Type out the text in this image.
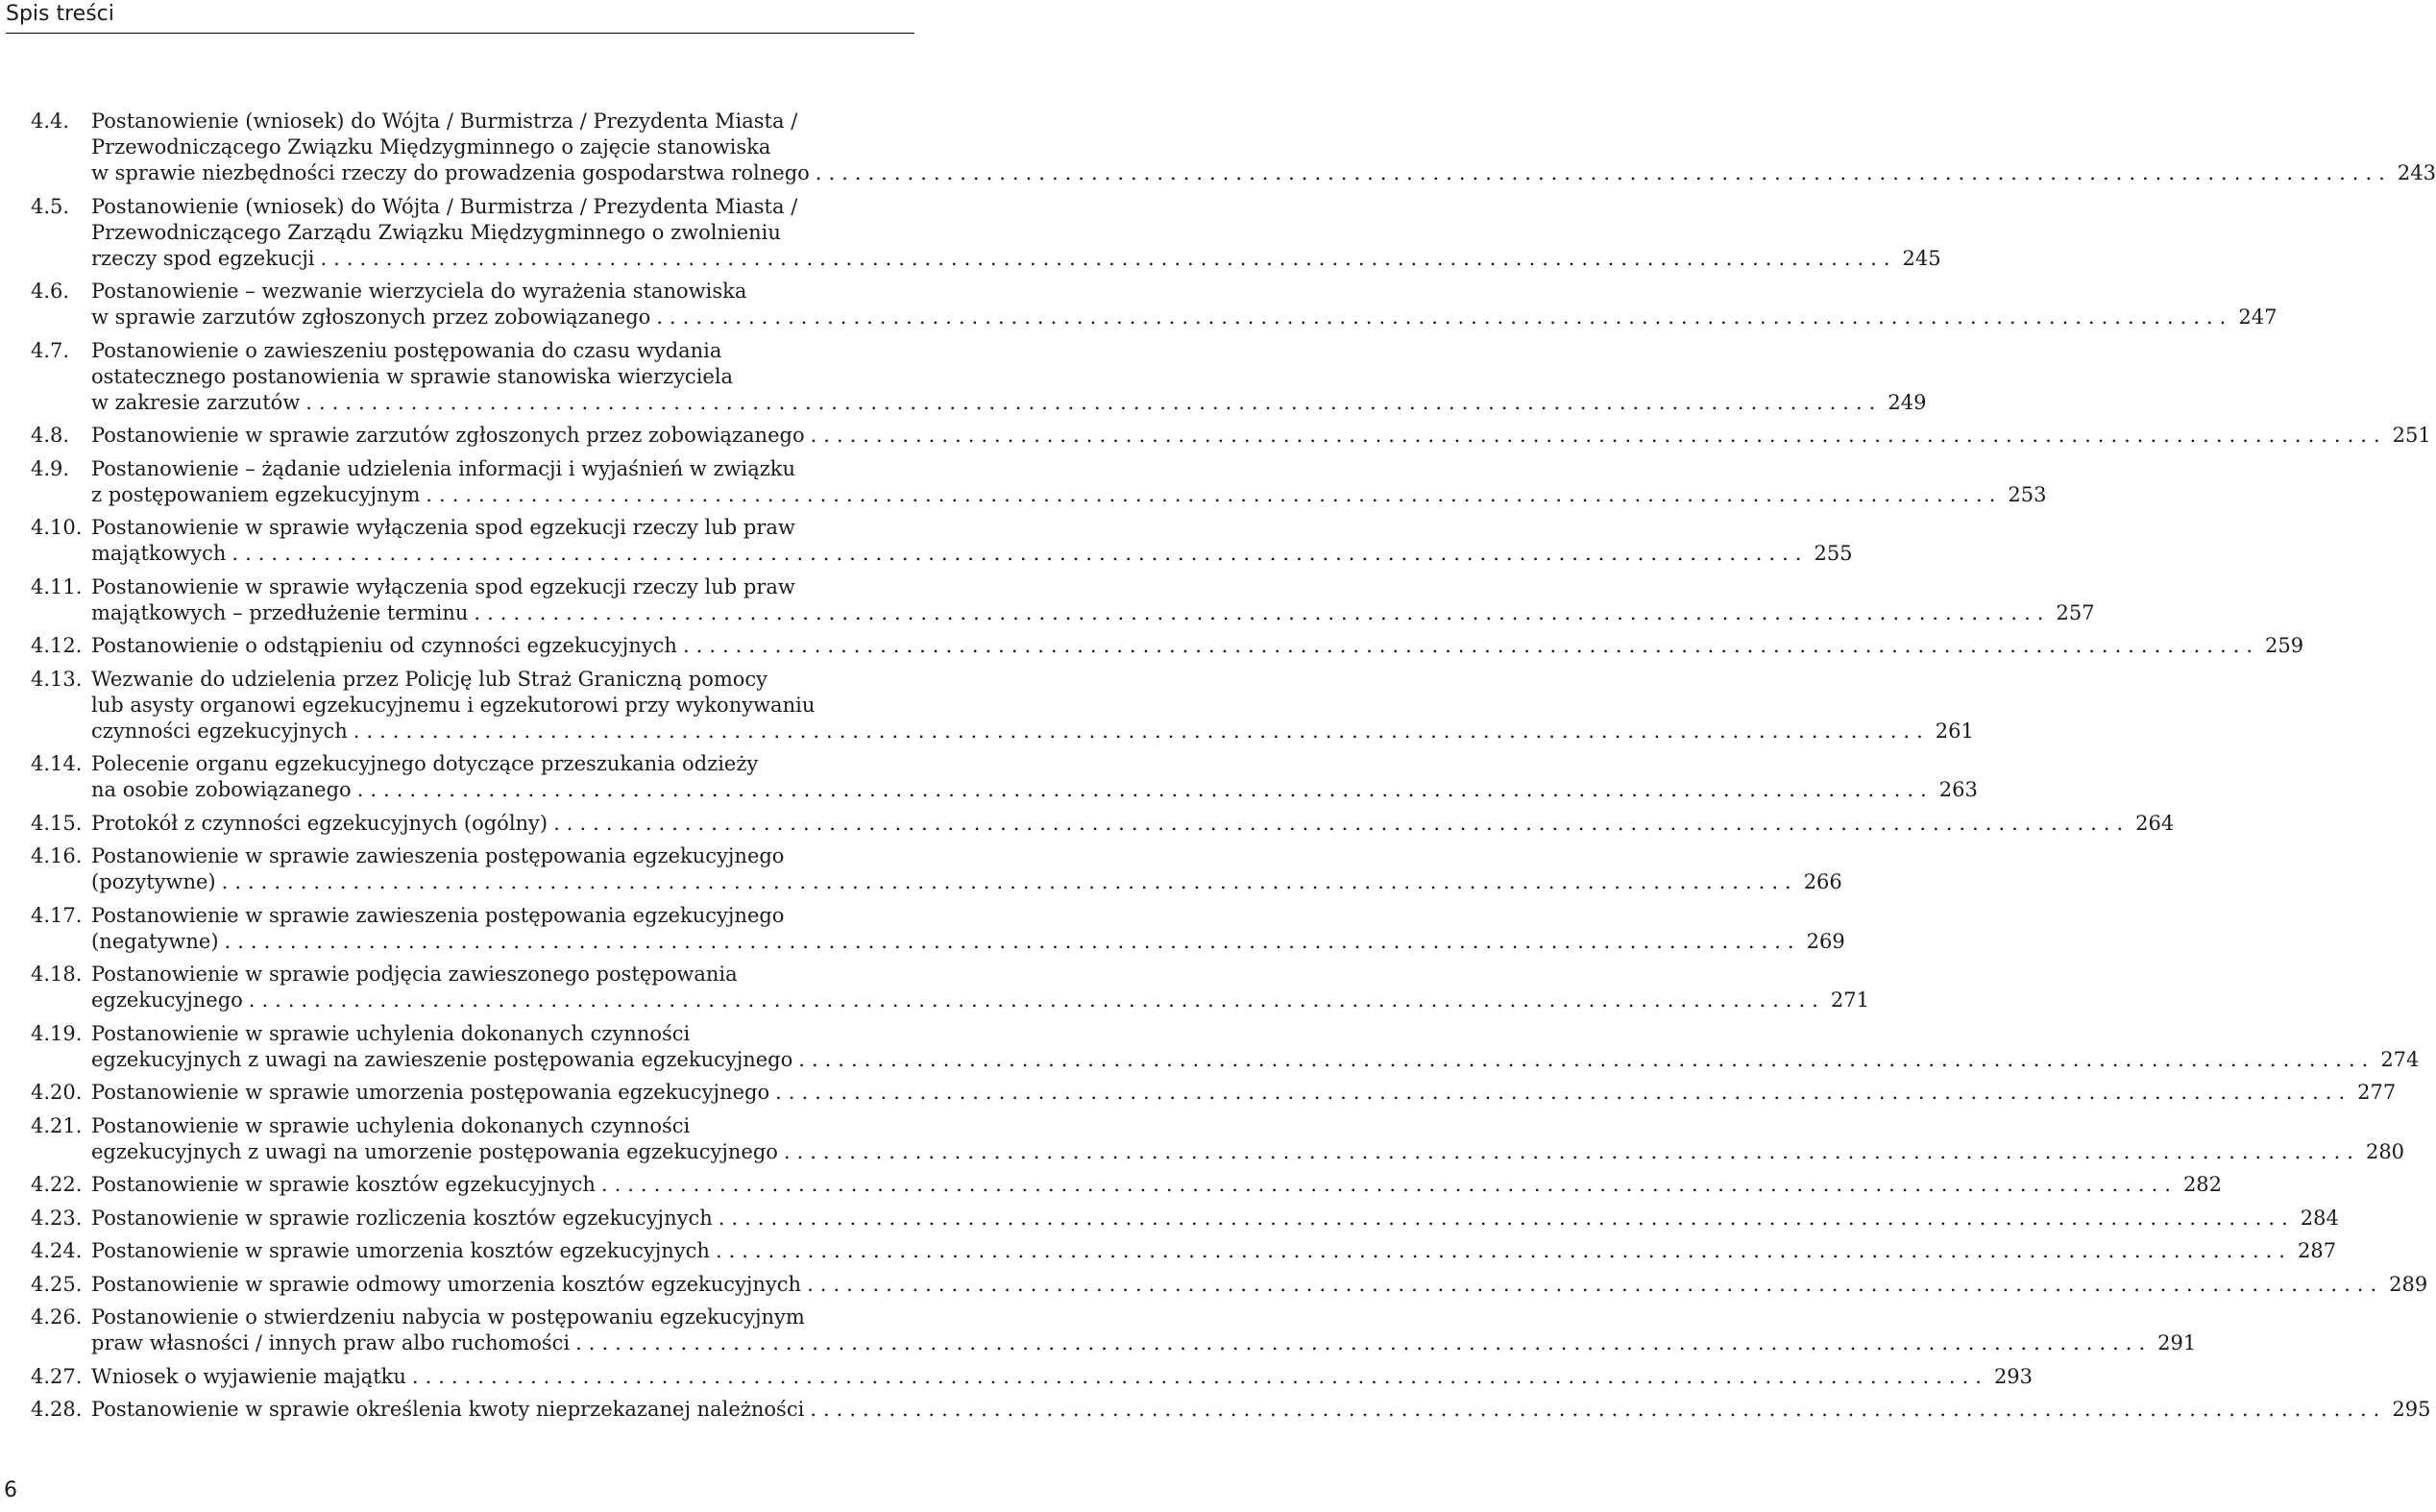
Spis treści
4.4.	Postanowienie (wniosek) do Wójta / Burmistrza / Prezydenta Miasta /
Przewodniczącego Związku Międzygminnego o zajęcie stanowiska
w sprawie niezbędności rzeczy do prowadzenia gospodarstwa rolnego ........................................................................................................................ 243
4.5.	Postanowienie (wniosek) do Wójta / Burmistrza / Prezydenta Miasta /
Przewodniczącego Zarządu Związku Międzygminnego o zwolnieniu
rzeczy spod egzekucji ........................................................................................................................ 245
4.6.	Postanowienie – wezwanie wierzyciela do wyrażenia stanowiska
w sprawie zarzutów zgłoszonych przez zobowiązanego ........................................................................................................................ 247
4.7.	Postanowienie o zawieszeniu postępowania do czasu wydania
ostatecznego postanowienia w sprawie stanowiska wierzyciela
w zakresie zarzutów ........................................................................................................................ 249
4.8.	Postanowienie w sprawie zarzutów zgłoszonych przez zobowiązanego ........................................................................................................................ 251
4.9.	Postanowienie – żądanie udzielenia informacji i wyjaśnień w związku
z postępowaniem egzekucyjnym ........................................................................................................................ 253
4.10. Postanowienie w sprawie wyłączenia spod egzekucji rzeczy lub praw
majątkowych ........................................................................................................................ 255
4.11. Postanowienie w sprawie wyłączenia spod egzekucji rzeczy lub praw
majątkowych – przedłużenie terminu ........................................................................................................................ 257
4.12. Postanowienie o odstąpieniu od czynności egzekucyjnych ........................................................................................................................ 259
4.13. Wezwanie do udzielenia przez Policję lub Straż Graniczną pomocy
lub asysty organowi egzekucyjnemu i egzekutorowi przy wykonywaniu
czynności egzekucyjnych ........................................................................................................................ 261
4.14. Polecenie organu egzekucyjnego dotyczące przeszukania odzieży
na osobie zobowiązanego ........................................................................................................................ 263
4.15. Protokół z czynności egzekucyjnych (ogólny) ........................................................................................................................ 264
4.16. Postanowienie w sprawie zawieszenia postępowania egzekucyjnego
(pozytywne) ........................................................................................................................ 266
4.17. Postanowienie w sprawie zawieszenia postępowania egzekucyjnego
(negatywne) ........................................................................................................................ 269
4.18. Postanowienie w sprawie podjęcia zawieszonego postępowania
egzekucyjnego ........................................................................................................................ 271
4.19. Postanowienie w sprawie uchylenia dokonanych czynności
egzekucyjnych z uwagi na zawieszenie postępowania egzekucyjnego ........................................................................................................................ 274
4.20. Postanowienie w sprawie umorzenia postępowania egzekucyjnego ........................................................................................................................ 277
4.21. Postanowienie w sprawie uchylenia dokonanych czynności
egzekucyjnych z uwagi na umorzenie postępowania egzekucyjnego ........................................................................................................................ 280
4.22. Postanowienie w sprawie kosztów egzekucyjnych ........................................................................................................................ 282
4.23. Postanowienie w sprawie rozliczenia kosztów egzekucyjnych ........................................................................................................................ 284
4.24. Postanowienie w sprawie umorzenia kosztów egzekucyjnych ........................................................................................................................ 287
4.25. Postanowienie w sprawie odmowy umorzenia kosztów egzekucyjnych ........................................................................................................................ 289
4.26. Postanowienie o stwierdzeniu nabycia w postępowaniu egzekucyjnym
praw własności / innych praw albo ruchomości ........................................................................................................................ 291
4.27. Wniosek o wyjawienie majątku ........................................................................................................................ 293
4.28. Postanowienie w sprawie określenia kwoty nieprzekazanej należności ........................................................................................................................ 295
6
